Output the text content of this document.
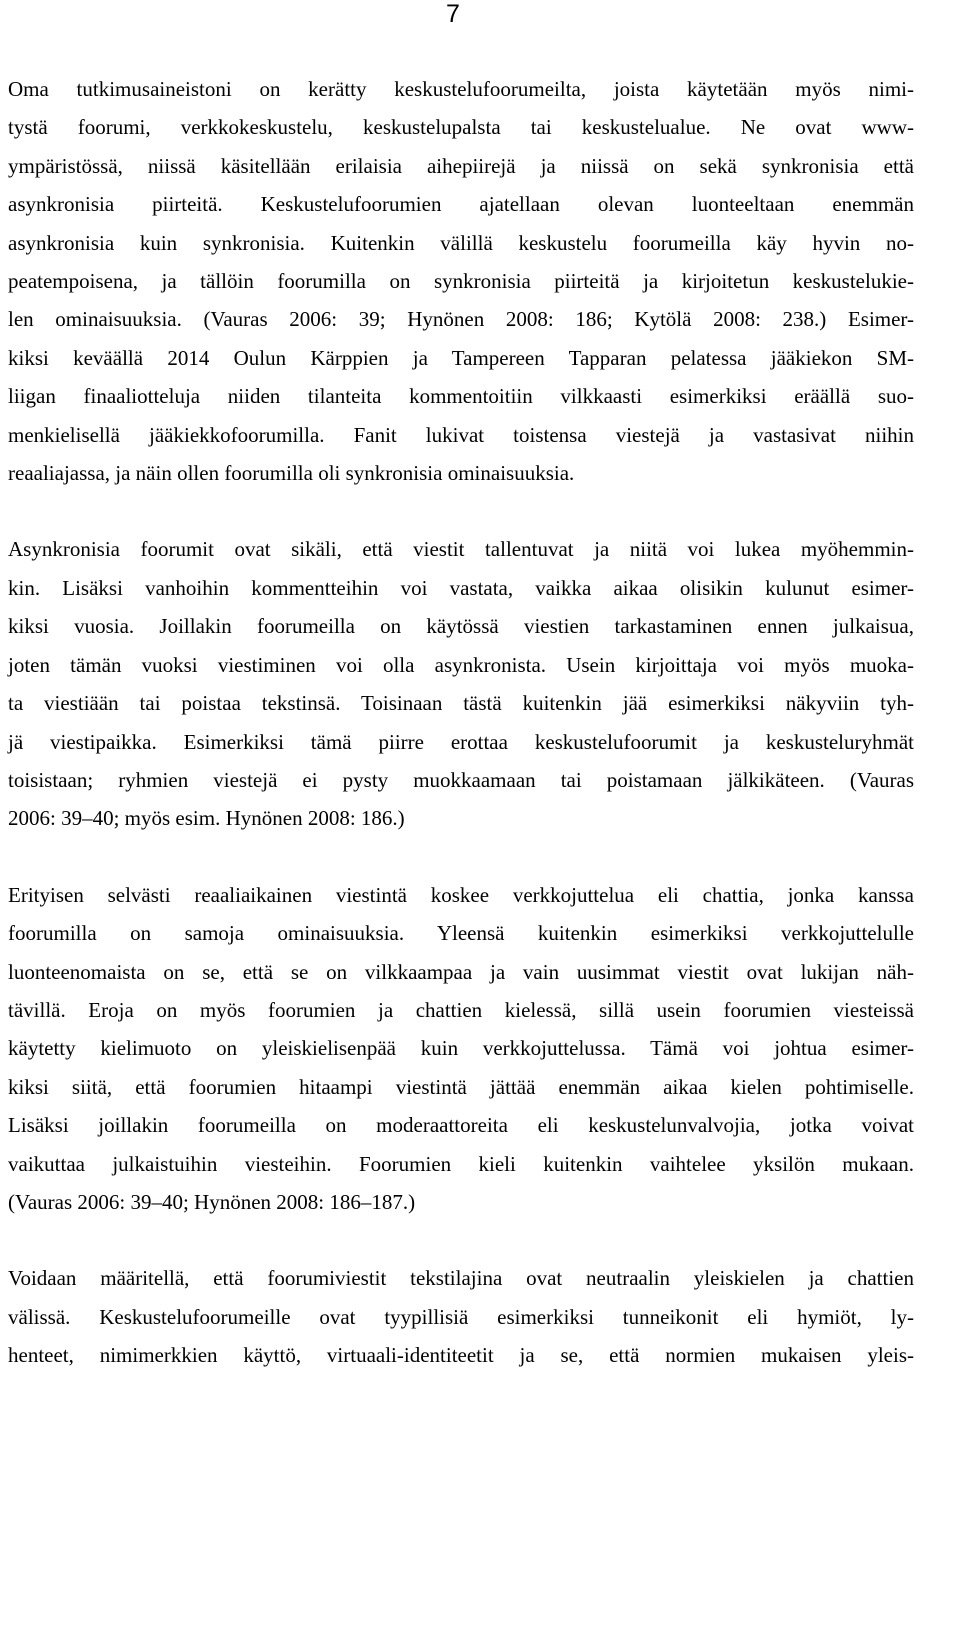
7

Oma tutkimusaineistoni on kerätty keskustelufoorumeilta, joista käytetään myös nimi-
tystä foorumi, verkkokeskustelu, keskustelupalsta tai keskustelualue. Ne ovat www-
ympäristössä, niissä käsitellään erilaisia aihepiirejä ja niissä on sekä synkronisia että
asynkronisia piirteitä. Keskustelufoorumien ajatellaan olevan luonteeltaan enemmän
asynkronisia kuin synkronisia. Kuitenkin välillä keskustelu foorumeilla käy hyvin no-
peatempoisena, ja tällöin foorumilla on synkronisia piirteitä ja kirjoitetun keskustelukie-
len ominaisuuksia. (Vauras 2006: 39; Hynönen 2008: 186; Kytölä 2008: 238.) Esimer-
kiksi keväällä 2014 Oulun Kärppien ja Tampereen Tapparan pelatessa jääkiekon SM-
liigan finaaliotteluja niiden tilanteita kommentoitiin vilkkaasti esimerkiksi eräällä suo-
menkielisellä jääkiekkofoorumilla. Fanit lukivat toistensa viestejä ja vastasivat niihin
reaaliajassa, ja näin ollen foorumilla oli synkronisia ominaisuuksia.

Asynkronisia foorumit ovat sikäli, että viestit tallentuvat ja niitä voi lukea myöhemmin-
kin. Lisäksi vanhoihin kommentteihin voi vastata, vaikka aikaa olisikin kulunut esimer-
kiksi vuosia. Joillakin foorumeilla on käytössä viestien tarkastaminen ennen julkaisua,
joten tämän vuoksi viestiminen voi olla asynkronista. Usein kirjoittaja voi myös muoka-
ta viestiään tai poistaa tekstinsä. Toisinaan tästä kuitenkin jää esimerkiksi näkyviin tyh-
jä viestipaikka. Esimerkiksi tämä piirre erottaa keskustelufoorumit ja keskusteluryhmät
toisistaan; ryhmien viestejä ei pysty muokkaamaan tai poistamaan jälkikäteen. (Vauras
2006: 39–40; myös esim. Hynönen 2008: 186.)

Erityisen selvästi reaaliaikainen viestintä koskee verkkojuttelua eli chattia, jonka kanssa
foorumilla on samoja ominaisuuksia. Yleensä kuitenkin esimerkiksi verkkojuttelulle
luonteenomaista on se, että se on vilkkaampaa ja vain uusimmat viestit ovat lukijan näh-
tävillä. Eroja on myös foorumien ja chattien kielessä, sillä usein foorumien viesteissä
käytetty kielimuoto on yleiskielisenpää kuin verkkojuttelussa. Tämä voi johtua esimer-
kiksi siitä, että foorumien hitaampi viestintä jättää enemmän aikaa kielen pohtimiselle.
Lisäksi joillakin foorumeilla on moderaattoreita eli keskustelunvalvojia, jotka voivat
vaikuttaa julkaistuihin viesteihin. Foorumien kieli kuitenkin vaihtelee yksilön mukaan.
(Vauras 2006: 39–40; Hynönen 2008: 186–187.)

Voidaan määritellä, että foorumiviestit tekstilajina ovat neutraalin yleiskielen ja chattien
välissä. Keskustelufoorumeille ovat tyypillisiä esimerkiksi tunneikonit eli hymiöt, ly-
henteet, nimimerkkien käyttö, virtuaali-identiteetit ja se, että normien mukaisen yleis-
